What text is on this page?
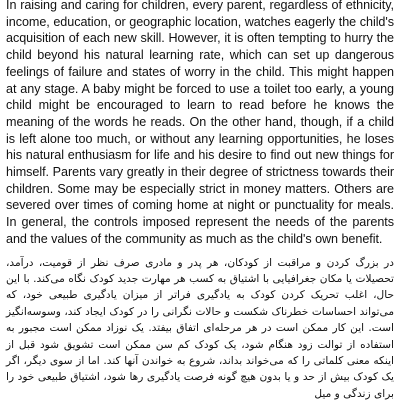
In raising and caring for children, every parent, regardless of ethnicity, income, education, or geographic location, watches eagerly the child's acquisition of each new skill. However, it is often tempting to hurry the child beyond his natural learning rate, which can set up dangerous feelings of failure and states of worry in the child. This might happen at any stage. A baby might be forced to use a toilet too early, a young child might be encouraged to learn to read before he knows the meaning of the words he reads. On the other hand, though, if a child is left alone too much, or without any learning opportunities, he loses his natural enthusiasm for life and his desire to find out new things for himself. Parents vary greatly in their degree of strictness towards their children. Some may be especially strict in money matters. Others are severed over times of coming home at night or punctuality for meals. In general, the controls imposed represent the needs of the parents and the values of the community as much as the child's own benefit.

در بزرگ کردن و مراقبت از کودکان، هر پدر و مادری صرف نظر از قومیت، درآمد، تحصیلات یا مکان جغرافیایی با اشتیاق به کسب هر مهارت جدید کودک نگاه می‌کند. با این حال، اغلب تحریک کردن کودک به یادگیری فراتر از میزان یادگیری طبیعی خود، که می‌تواند احساسات خطرناک شکست و حالات نگرانی را در کودک ایجاد کند، وسوسه‌انگیز است. این کار ممکن است در هر مرحله‌ای اتفاق بیفتد. یک نوزاد ممکن است مجبور به استفاده از توالت زود هنگام شود، یک کودک کم سن ممکن است تشویق شود قبل از اینکه معنی کلماتی را که می‌خواند بداند، شروع به خواندن آنها کند. اما از سوی دیگر، اگر یک کودک بیش از حد و یا بدون هیچ گونه فرصت یادگیری رها شود، اشتیاق طبیعی خود را برای زندگی و میل
